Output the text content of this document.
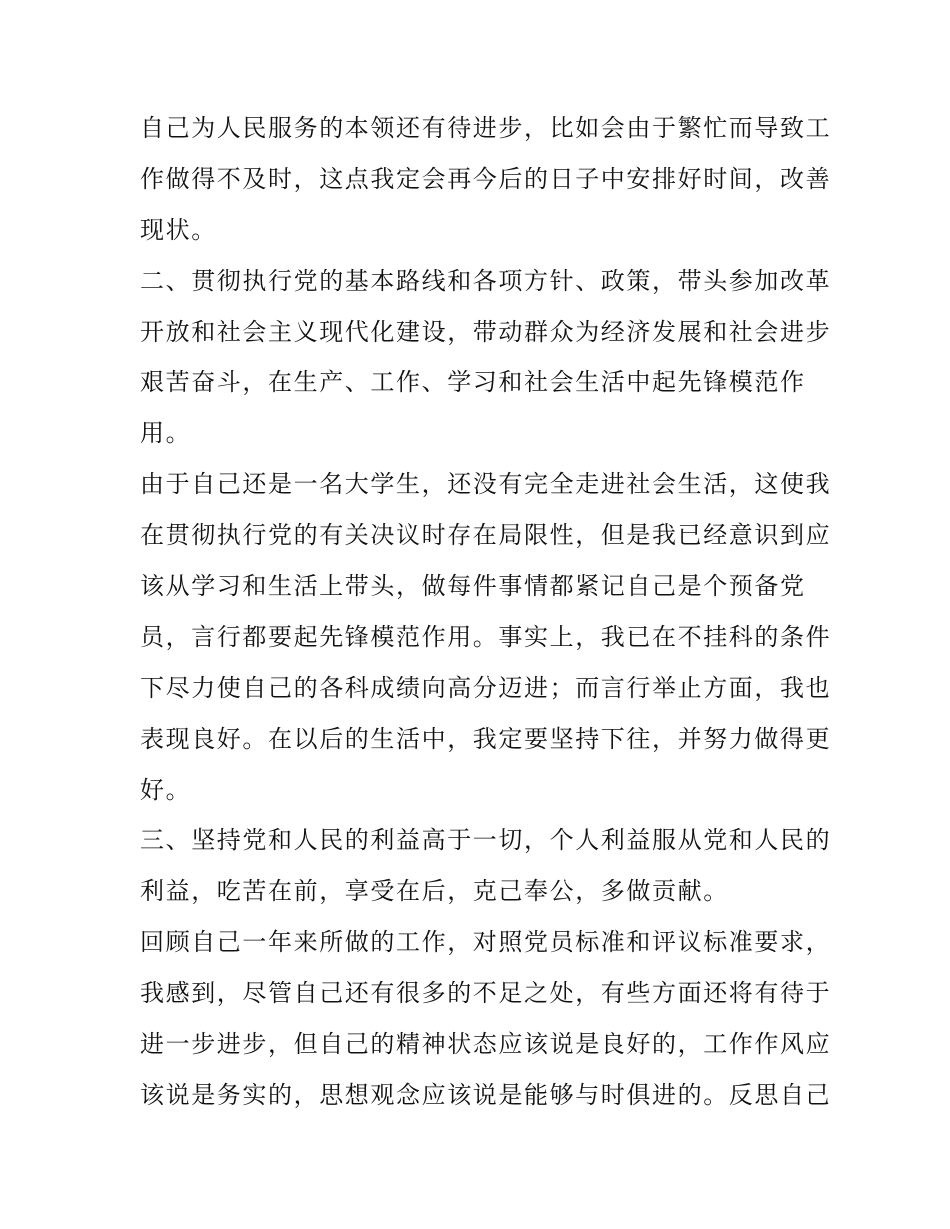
自己为人民服务的本领还有待进步，比如会由于繁忙而导致工
作做得不及时，这点我定会再今后的日子中安排好时间，改善
现状。
二、贯彻执行党的基本路线和各项方针、政策，带头参加改革
开放和社会主义现代化建设，带动群众为经济发展和社会进步
艰苦奋斗，在生产、工作、学习和社会生活中起先锋模范作
用。
由于自己还是一名大学生，还没有完全走进社会生活，这使我
在贯彻执行党的有关决议时存在局限性，但是我已经意识到应
该从学习和生活上带头，做每件事情都紧记自己是个预备党
员，言行都要起先锋模范作用。事实上，我已在不挂科的条件
下尽力使自己的各科成绩向高分迈进；而言行举止方面，我也
表现良好。在以后的生活中，我定要坚持下往，并努力做得更
好。
三、坚持党和人民的利益高于一切，个人利益服从党和人民的
利益，吃苦在前，享受在后，克己奉公，多做贡献。
回顾自己一年来所做的工作，对照党员标准和评议标准要求，
我感到，尽管自己还有很多的不足之处，有些方面还将有待于
进一步进步，但自己的精神状态应该说是良好的，工作作风应
该说是务实的，思想观念应该说是能够与时俱进的。反思自己
